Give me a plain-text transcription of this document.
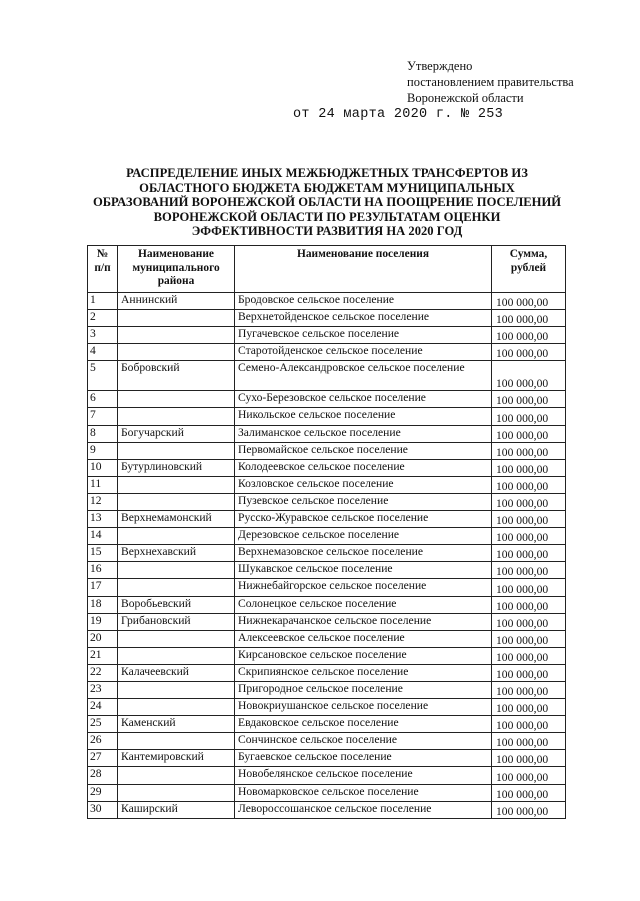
Утверждено
постановлением правительства
Воронежской области
от 24 марта 2020 г. № 253
РАСПРЕДЕЛЕНИЕ ИНЫХ МЕЖБЮДЖЕТНЫХ ТРАНСФЕРТОВ ИЗ ОБЛАСТНОГО БЮДЖЕТА БЮДЖЕТАМ МУНИЦИПАЛЬНЫХ ОБРАЗОВАНИЙ ВОРОНЕЖСКОЙ ОБЛАСТИ НА ПООЩРЕНИЕ ПОСЕЛЕНИЙ ВОРОНЕЖСКОЙ ОБЛАСТИ ПО РЕЗУЛЬТАТАМ ОЦЕНКИ ЭФФЕКТИВНОСТИ РАЗВИТИЯ НА 2020 ГОД
№ п/п	Наименование муниципального района	Наименование поселения	Сумма, рублей
1	Аннинский	Бродовское сельское поселение	100 000,00
2		Верхнетойденское сельское поселение	100 000,00
3		Пугачевское сельское поселение	100 000,00
4		Старотойденское сельское поселение	100 000,00
5	Бобровский	Семено-Александровское сельское поселение	100 000,00
6		Сухо-Березовское сельское поселение	100 000,00
7		Никольское сельское поселение	100 000,00
8	Богучарский	Залиманское сельское поселение	100 000,00
9		Первомайское сельское поселение	100 000,00
10	Бутурлиновский	Колодеевское сельское поселение	100 000,00
11		Козловское сельское поселение	100 000,00
12		Пузевское сельское поселение	100 000,00
13	Верхнемамонский	Русско-Журавское сельское поселение	100 000,00
14		Дерезовское сельское поселение	100 000,00
15	Верхнехавский	Верхнемазовское сельское поселение	100 000,00
16		Шукавское сельское поселение	100 000,00
17		Нижнебайгорское сельское поселение	100 000,00
18	Воробьевский	Солонецкое сельское поселение	100 000,00
19	Грибановский	Нижнекарачанское сельское поселение	100 000,00
20		Алексеевское сельское поселение	100 000,00
21		Кирсановское сельское поселение	100 000,00
22	Калачеевский	Скрипиянское сельское поселение	100 000,00
23		Пригородное сельское поселение	100 000,00
24		Новокриушанское сельское поселение	100 000,00
25	Каменский	Евдаковское сельское поселение	100 000,00
26		Сончинское сельское поселение	100 000,00
27	Кантемировский	Бугаевское сельское поселение	100 000,00
28		Новобелянское сельское поселение	100 000,00
29		Новомарковское сельское поселение	100 000,00
30	Каширский	Левороссошанское сельское поселение	100 000,00
